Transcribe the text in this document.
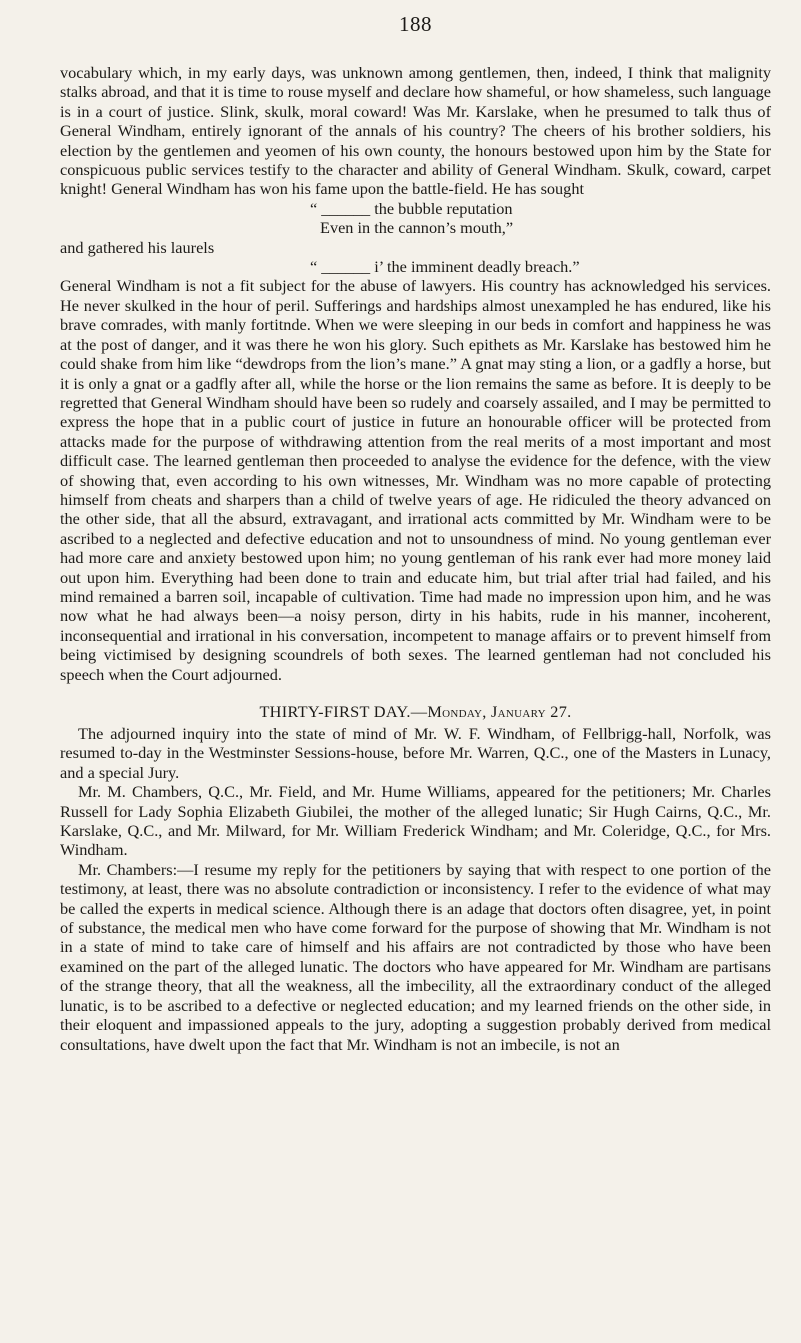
188

vocabulary which, in my early days, was unknown among gentlemen, then, indeed, I think that malignity stalks abroad, and that it is time to rouse myself and declare how shameful, or how shameless, such language is in a court of justice. Slink, skulk, moral coward! Was Mr. Karslake, when he presumed to talk thus of General Windham, entirely ignorant of the annals of his country? The cheers of his brother soldiers, his election by the gentlemen and yeomen of his own county, the honours bestowed upon him by the State for conspicuous public services testify to the character and ability of General Windham. Skulk, coward, carpet knight! General Windham has won his fame upon the battle-field. He has sought

“ ______ the bubble reputation
Even in the cannon’s mouth,”

and gathered his laurels

“ ______ i’ the imminent deadly breach.”

General Windham is not a fit subject for the abuse of lawyers. His country has acknowledged his services. He never skulked in the hour of peril. Sufferings and hardships almost unexampled he has endured, like his brave comrades, with manly fortitnde. When we were sleeping in our beds in comfort and happiness he was at the post of danger, and it was there he won his glory. Such epithets as Mr. Karslake has bestowed him he could shake from him like “dewdrops from the lion’s mane.” A gnat may sting a lion, or a gadfly a horse, but it is only a gnat or a gadfly after all, while the horse or the lion remains the same as before. It is deeply to be regretted that General Windham should have been so rudely and coarsely assailed, and I may be permitted to express the hope that in a public court of justice in future an honourable officer will be protected from attacks made for the purpose of withdrawing attention from the real merits of a most important and most difficult case. The learned gentleman then proceeded to analyse the evidence for the defence, with the view of showing that, even according to his own witnesses, Mr. Windham was no more capable of protecting himself from cheats and sharpers than a child of twelve years of age. He ridiculed the theory advanced on the other side, that all the absurd, extravagant, and irrational acts committed by Mr. Windham were to be ascribed to a neglected and defective education and not to unsoundness of mind. No young gentleman ever had more care and anxiety bestowed upon him; no young gentleman of his rank ever had more money laid out upon him. Everything had been done to train and educate him, but trial after trial had failed, and his mind remained a barren soil, incapable of cultivation. Time had made no impression upon him, and he was now what he had always been—a noisy person, dirty in his habits, rude in his manner, incoherent, inconsequential and irrational in his conversation, incompetent to manage affairs or to prevent himself from being victimised by designing scoundrels of both sexes. The learned gentleman had not concluded his speech when the Court adjourned.

THIRTY-FIRST DAY.—Monday, January 27.

The adjourned inquiry into the state of mind of Mr. W. F. Windham, of Fellbrigg-hall, Norfolk, was resumed to-day in the Westminster Sessions-house, before Mr. Warren, Q.C., one of the Masters in Lunacy, and a special Jury.

Mr. M. Chambers, Q.C., Mr. Field, and Mr. Hume Williams, appeared for the petitioners; Mr. Charles Russell for Lady Sophia Elizabeth Giubilei, the mother of the alleged lunatic; Sir Hugh Cairns, Q.C., Mr. Karslake, Q.C., and Mr. Milward, for Mr. William Frederick Windham; and Mr. Coleridge, Q.C., for Mrs. Windham.

Mr. Chambers:—I resume my reply for the petitioners by saying that with respect to one portion of the testimony, at least, there was no absolute contradiction or inconsistency. I refer to the evidence of what may be called the experts in medical science. Although there is an adage that doctors often disagree, yet, in point of substance, the medical men who have come forward for the purpose of showing that Mr. Windham is not in a state of mind to take care of himself and his affairs are not contradicted by those who have been examined on the part of the alleged lunatic. The doctors who have appeared for Mr. Windham are partisans of the strange theory, that all the weakness, all the imbecility, all the extraordinary conduct of the alleged lunatic, is to be ascribed to a defective or neglected education; and my learned friends on the other side, in their eloquent and impassioned appeals to the jury, adopting a suggestion probably derived from medical consultations, have dwelt upon the fact that Mr. Windham is not an imbecile, is not an
